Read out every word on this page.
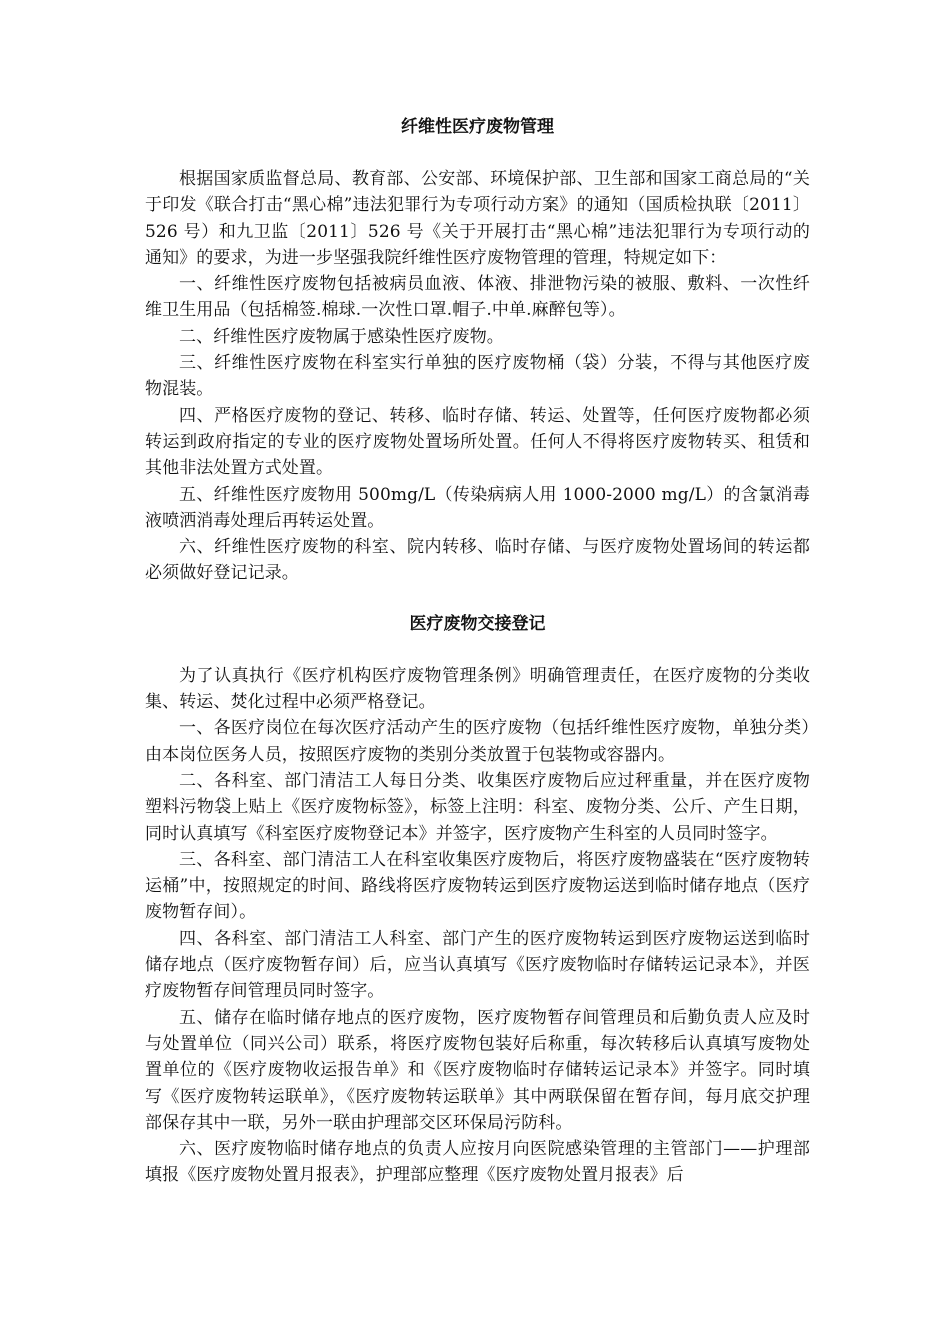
纤维性医疗废物管理

根据国家质监督总局、教育部、公安部、环境保护部、卫生部和国家工商总局的“关于印发《联合打击“黑心棉”违法犯罪行为专项行动方案》的通知（国质检执联〔2011〕526 号）和九卫监〔2011〕526 号《关于开展打击“黑心棉”违法犯罪行为专项行动的通知》的要求，为进一步坚强我院纤维性医疗废物管理的管理，特规定如下：

一、纤维性医疗废物包括被病员血液、体液、排泄物污染的被服、敷料、一次性纤维卫生用品（包括棉签.棉球.一次性口罩.帽子.中单.麻醉包等）。

二、纤维性医疗废物属于感染性医疗废物。

三、纤维性医疗废物在科室实行单独的医疗废物桶（袋）分装，不得与其他医疗废物混装。

四、严格医疗废物的登记、转移、临时存储、转运、处置等，任何医疗废物都必须转运到政府指定的专业的医疗废物处置场所处置。任何人不得将医疗废物转买、租赁和其他非法处置方式处置。

五、纤维性医疗废物用 500mg/L（传染病病人用 1000-2000 mg/L）的含氯消毒液喷洒消毒处理后再转运处置。

六、纤维性医疗废物的科室、院内转移、临时存储、与医疗废物处置场间的转运都必须做好登记记录。

医疗废物交接登记

为了认真执行《医疗机构医疗废物管理条例》明确管理责任，在医疗废物的分类收集、转运、焚化过程中必须严格登记。

一、各医疗岗位在每次医疗活动产生的医疗废物（包括纤维性医疗废物，单独分类）由本岗位医务人员，按照医疗废物的类别分类放置于包装物或容器内。

二、各科室、部门清洁工人每日分类、收集医疗废物后应过秤重量，并在医疗废物塑料污物袋上贴上《医疗废物标签》，标签上注明：科室、废物分类、公斤、产生日期，同时认真填写《科室医疗废物登记本》并签字，医疗废物产生科室的人员同时签字。

三、各科室、部门清洁工人在科室收集医疗废物后，将医疗废物盛装在“医疗废物转运桶”中，按照规定的时间、路线将医疗废物转运到医疗废物运送到临时储存地点（医疗废物暂存间）。

四、各科室、部门清洁工人科室、部门产生的医疗废物转运到医疗废物运送到临时储存地点（医疗废物暂存间）后，应当认真填写《医疗废物临时存储转运记录本》，并医疗废物暂存间管理员同时签字。

五、储存在临时储存地点的医疗废物，医疗废物暂存间管理员和后勤负责人应及时与处置单位（同兴公司）联系，将医疗废物包装好后称重，每次转移后认真填写废物处置单位的《医疗废物收运报告单》和《医疗废物临时存储转运记录本》并签字。同时填写《医疗废物转运联单》，《医疗废物转运联单》其中两联保留在暂存间，每月底交护理部保存其中一联，另外一联由护理部交区环保局污防科。

六、医疗废物临时储存地点的负责人应按月向医院感染管理的主管部门——护理部填报《医疗废物处置月报表》，护理部应整理《医疗废物处置月报表》后
